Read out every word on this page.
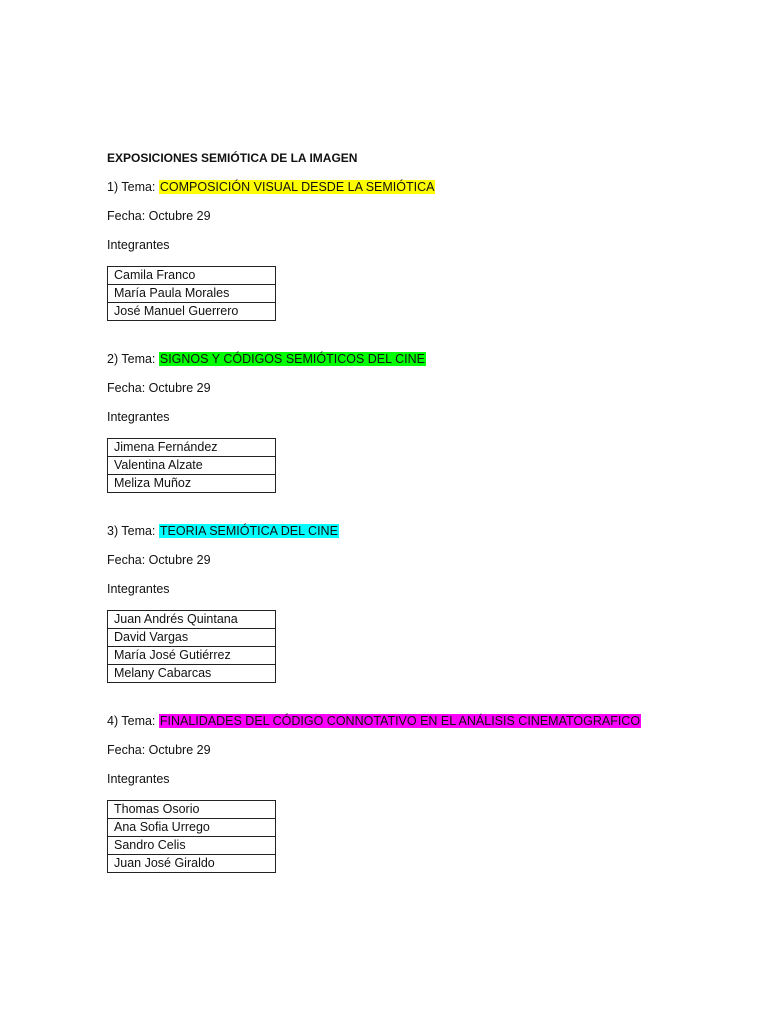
EXPOSICIONES SEMIÓTICA DE LA IMAGEN
1) Tema: COMPOSICIÓN VISUAL DESDE LA SEMIÓTICA
Fecha: Octubre 29
Integrantes
Camila Franco
María Paula Morales
José Manuel Guerrero
2) Tema: SIGNOS Y CÓDIGOS SEMIÓTICOS DEL CINE
Fecha: Octubre 29
Integrantes
Jimena Fernández
Valentina Alzate
Meliza Muñoz
3) Tema: TEORIA SEMIÓTICA DEL CINE
Fecha: Octubre 29
Integrantes
Juan Andrés Quintana
David Vargas
María José Gutiérrez
Melany Cabarcas
4) Tema: FINALIDADES DEL CÓDIGO CONNOTATIVO EN EL ANÁLISIS CINEMATOGRAFICO
Fecha: Octubre 29
Integrantes
Thomas Osorio
Ana Sofia Urrego
Sandro Celis
Juan José Giraldo
